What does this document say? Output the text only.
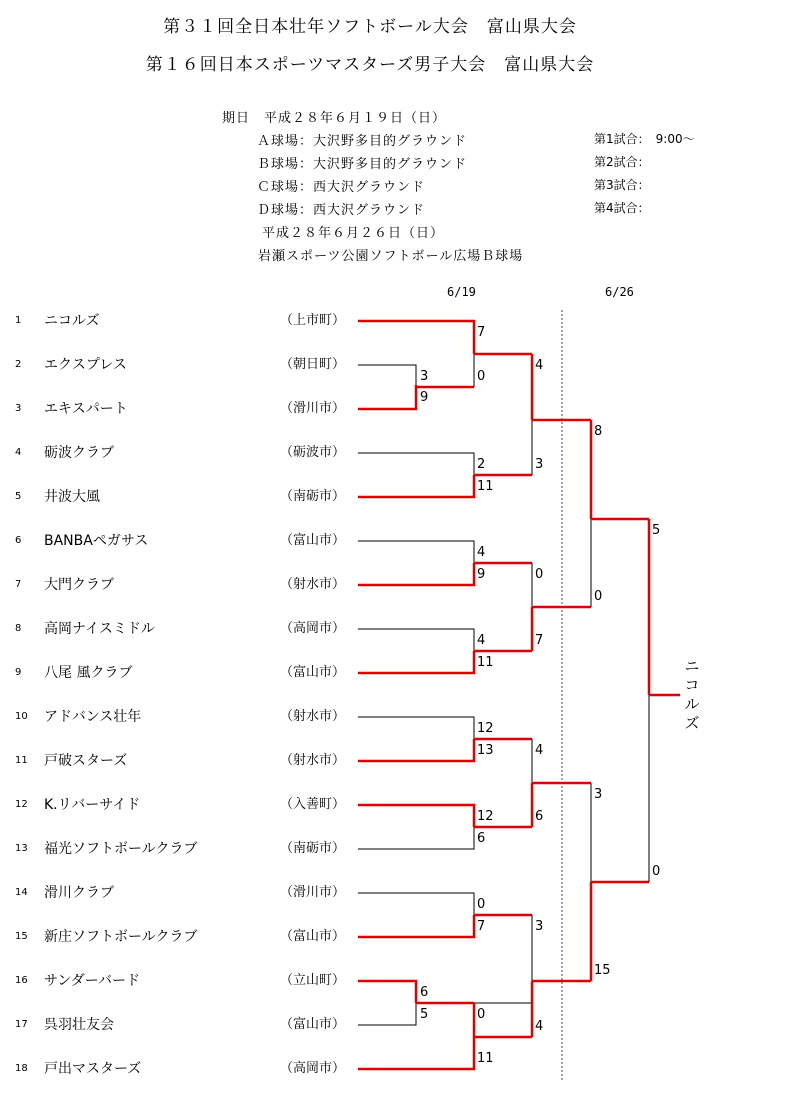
第３１回全日本壮年ソフトボール大会　富山県大会
第１６回日本スポーツマスターズ男子大会　富山県大会
期日　平成２８年６月１９日（日）
Ａ球場：大沢野多目的グラウンド
Ｂ球場：大沢野多目的グラウンド
Ｃ球場：西大沢グラウンド
Ｄ球場：西大沢グラウンド
平成２８年６月２６日（日）
岩瀬スポーツ公園ソフトボール広場Ｂ球場
第1試合：　9:00～
第2試合：
第3試合：
第4試合：
6/19	6/26
1 ニコルズ	（上市町）
2 エクスプレス	（朝日町）
3 エキスパート	（滑川市）
4 砺波クラブ	（砺波市）
5 井波大風	（南砺市）
6 BANBAペガサス	（富山市）
7 大門クラブ	（射水市）
8 高岡ナイスミドル	（高岡市）
9 八尾 風クラブ	（富山市）
10 アドバンス壮年	（射水市）
11 戸破スターズ	（射水市）
12 K.リバーサイド	（入善町）
13 福光ソフトボールクラブ	（南砺市）
14 滑川クラブ	（滑川市）
15 新庄ソフトボールクラブ	（富山市）
16 サンダーバード	（立山町）
17 呉羽壮友会	（富山市）
18 戸出マスターズ	（高岡市）
3
9
6
5
7
0
2
11
4
9
4
11
12
13
12
6
0
7
0
11
4
3
0
7
4
6
3
4
8
0
3
15
5
0
ニコルズ
